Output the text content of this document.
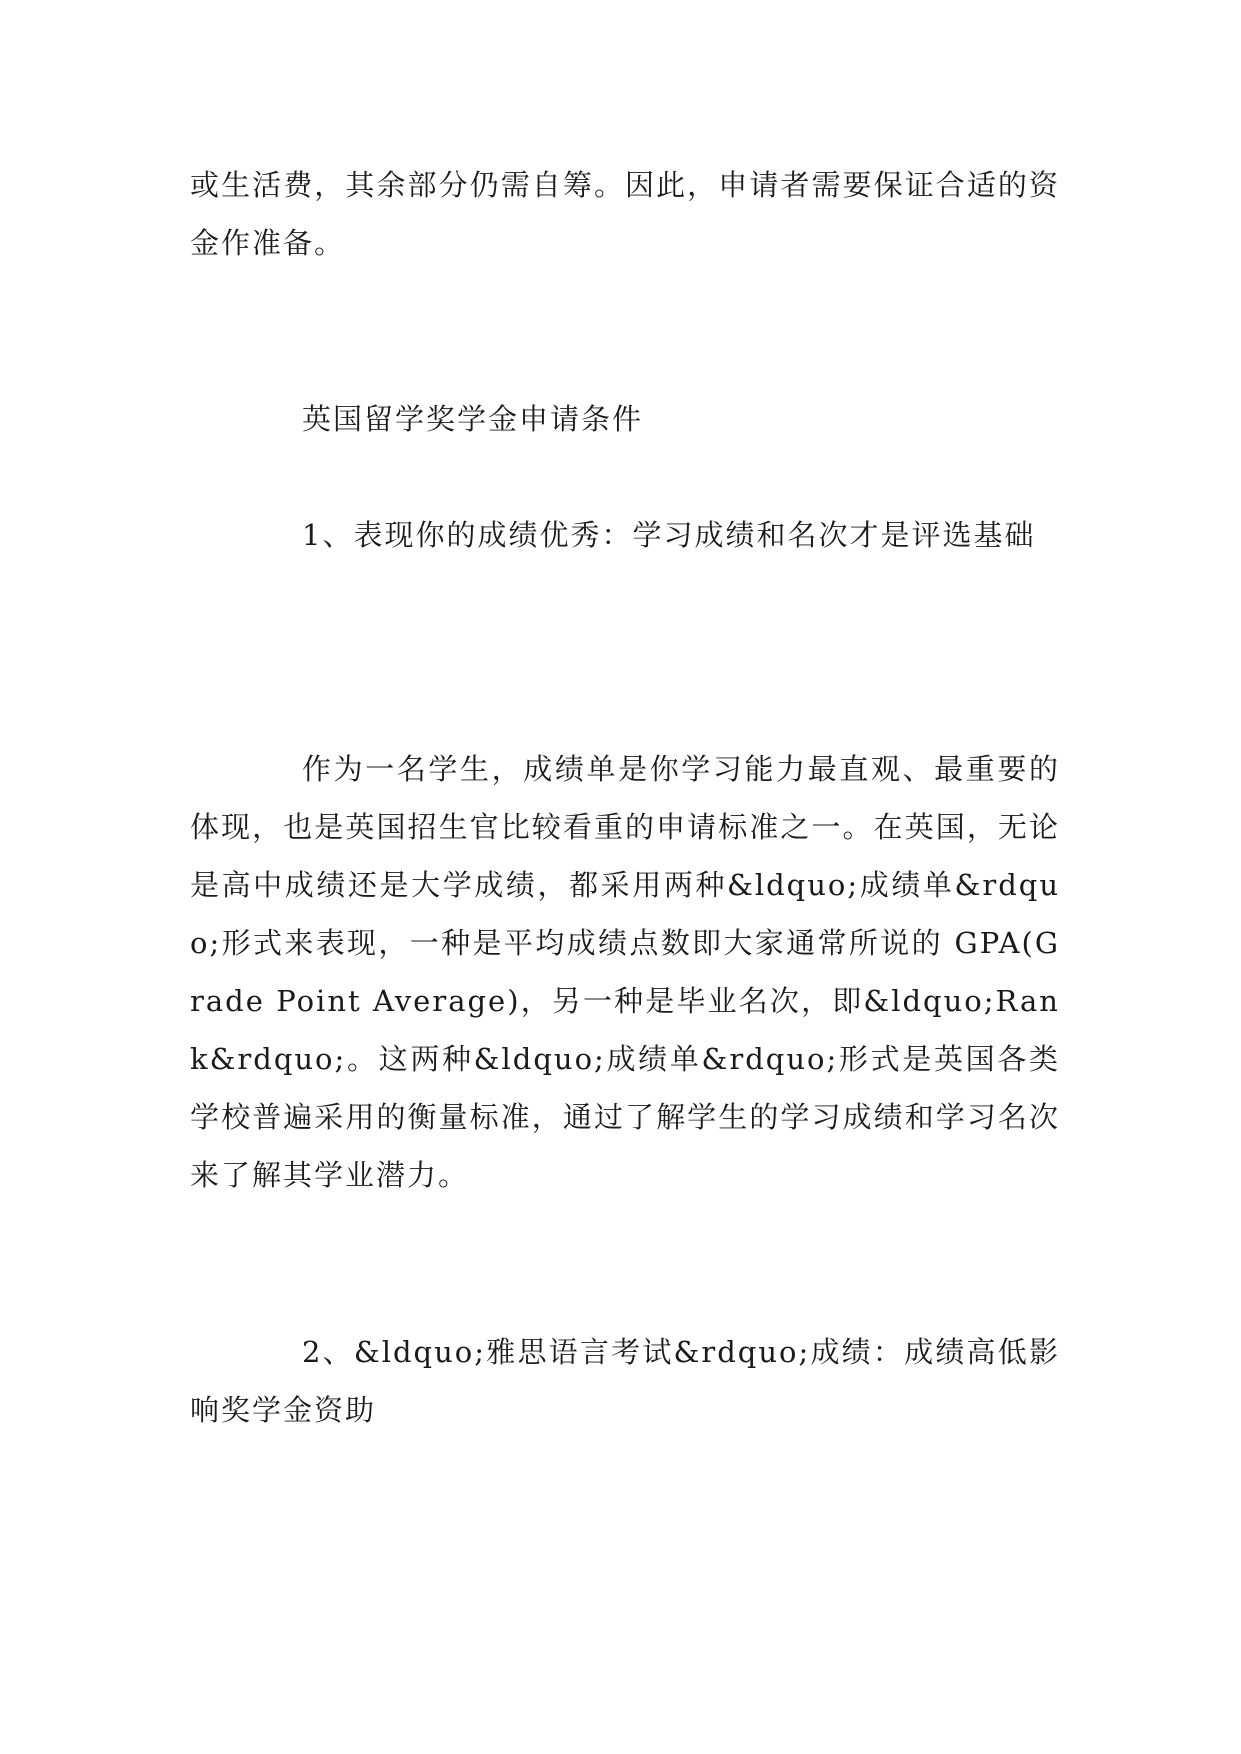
或生活费，其余部分仍需自筹。因此，申请者需要保证合适的资金作准备。

英国留学奖学金申请条件

1、表现你的成绩优秀：学习成绩和名次才是评选基础

作为一名学生，成绩单是你学习能力最直观、最重要的体现，也是英国招生官比较看重的申请标准之一。在英国，无论是高中成绩还是大学成绩，都采用两种&ldquo;成绩单&rdquo;形式来表现，一种是平均成绩点数即大家通常所说的 GPA(Grade Point Average)，另一种是毕业名次，即&ldquo;Rank&rdquo;。这两种&ldquo;成绩单&rdquo;形式是英国各类学校普遍采用的衡量标准，通过了解学生的学习成绩和学习名次来了解其学业潜力。

2、&ldquo;雅思语言考试&rdquo;成绩：成绩高低影响奖学金资助
